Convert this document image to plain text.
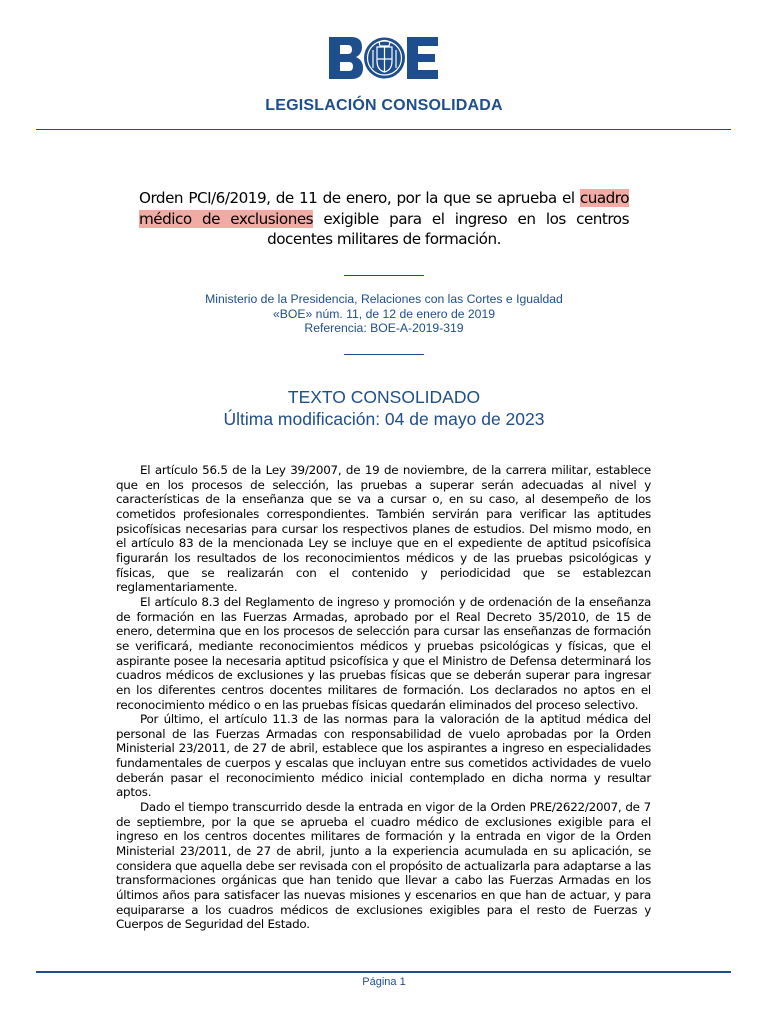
LEGISLACIÓN CONSOLIDADA
Orden PCI/6/2019, de 11 de enero, por la que se aprueba el cuadro médico de exclusiones exigible para el ingreso en los centros docentes militares de formación.
Ministerio de la Presidencia, Relaciones con las Cortes e Igualdad
«BOE» núm. 11, de 12 de enero de 2019
Referencia: BOE-A-2019-319
TEXTO CONSOLIDADO
Última modificación: 04 de mayo de 2023

El artículo 56.5 de la Ley 39/2007, de 19 de noviembre, de la carrera militar, establece que en los procesos de selección, las pruebas a superar serán adecuadas al nivel y características de la enseñanza que se va a cursar o, en su caso, al desempeño de los cometidos profesionales correspondientes. También servirán para verificar las aptitudes psicofísicas necesarias para cursar los respectivos planes de estudios. Del mismo modo, en el artículo 83 de la mencionada Ley se incluye que en el expediente de aptitud psicofísica figurarán los resultados de los reconocimientos médicos y de las pruebas psicológicas y físicas, que se realizarán con el contenido y periodicidad que se establezcan reglamentariamente.

El artículo 8.3 del Reglamento de ingreso y promoción y de ordenación de la enseñanza de formación en las Fuerzas Armadas, aprobado por el Real Decreto 35/2010, de 15 de enero, determina que en los procesos de selección para cursar las enseñanzas de formación se verificará, mediante reconocimientos médicos y pruebas psicológicas y físicas, que el aspirante posee la necesaria aptitud psicofísica y que el Ministro de Defensa determinará los cuadros médicos de exclusiones y las pruebas físicas que se deberán superar para ingresar en los diferentes centros docentes militares de formación. Los declarados no aptos en el reconocimiento médico o en las pruebas físicas quedarán eliminados del proceso selectivo.

Por último, el artículo 11.3 de las normas para la valoración de la aptitud médica del personal de las Fuerzas Armadas con responsabilidad de vuelo aprobadas por la Orden Ministerial 23/2011, de 27 de abril, establece que los aspirantes a ingreso en especialidades fundamentales de cuerpos y escalas que incluyan entre sus cometidos actividades de vuelo deberán pasar el reconocimiento médico inicial contemplado en dicha norma y resultar aptos.

Dado el tiempo transcurrido desde la entrada en vigor de la Orden PRE/2622/2007, de 7 de septiembre, por la que se aprueba el cuadro médico de exclusiones exigible para el ingreso en los centros docentes militares de formación y la entrada en vigor de la Orden Ministerial 23/2011, de 27 de abril, junto a la experiencia acumulada en su aplicación, se considera que aquella debe ser revisada con el propósito de actualizarla para adaptarse a las transformaciones orgánicas que han tenido que llevar a cabo las Fuerzas Armadas en los últimos años para satisfacer las nuevas misiones y escenarios en que han de actuar, y para equipararse a los cuadros médicos de exclusiones exigibles para el resto de Fuerzas y Cuerpos de Seguridad del Estado.

Página 1
